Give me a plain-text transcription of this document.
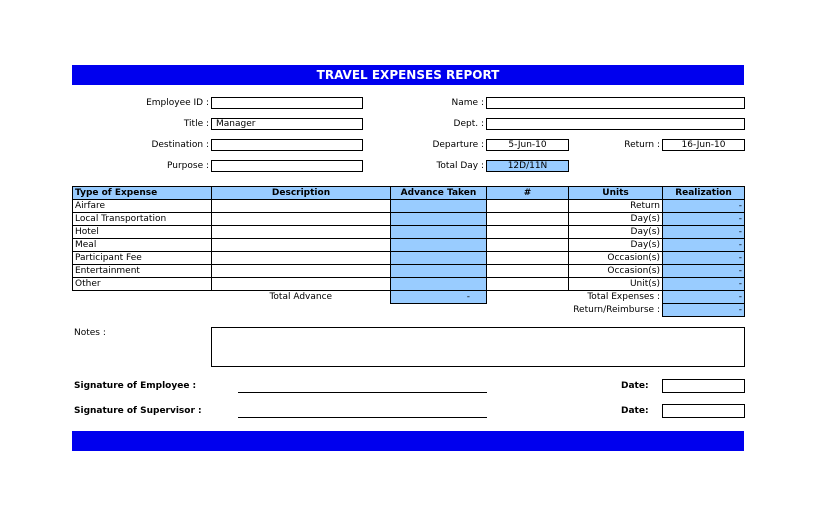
TRAVEL EXPENSES REPORT
Employee ID :
Title : Manager
Destination :
Purpose :
Name :
Dept. :
Departure :	5-Jun-10	Return :	16-Jun-10
Total Day :	12D/11N
Type of Expense	Description	Advance Taken	#	Units	Realization
Airfare				Return	-
Local Transportation				Day(s)	-
Hotel				Day(s)	-
Meal				Day(s)	-
Participant Fee				Occasion(s)	-
Entertainment				Occasion(s)	-
Other				Unit(s)	-
	Total Advance	-		Total Expenses :	-
				Return/Reimburse :	-
Notes :
Signature of Employee :	Date:
Signature of Supervisor :	Date:
